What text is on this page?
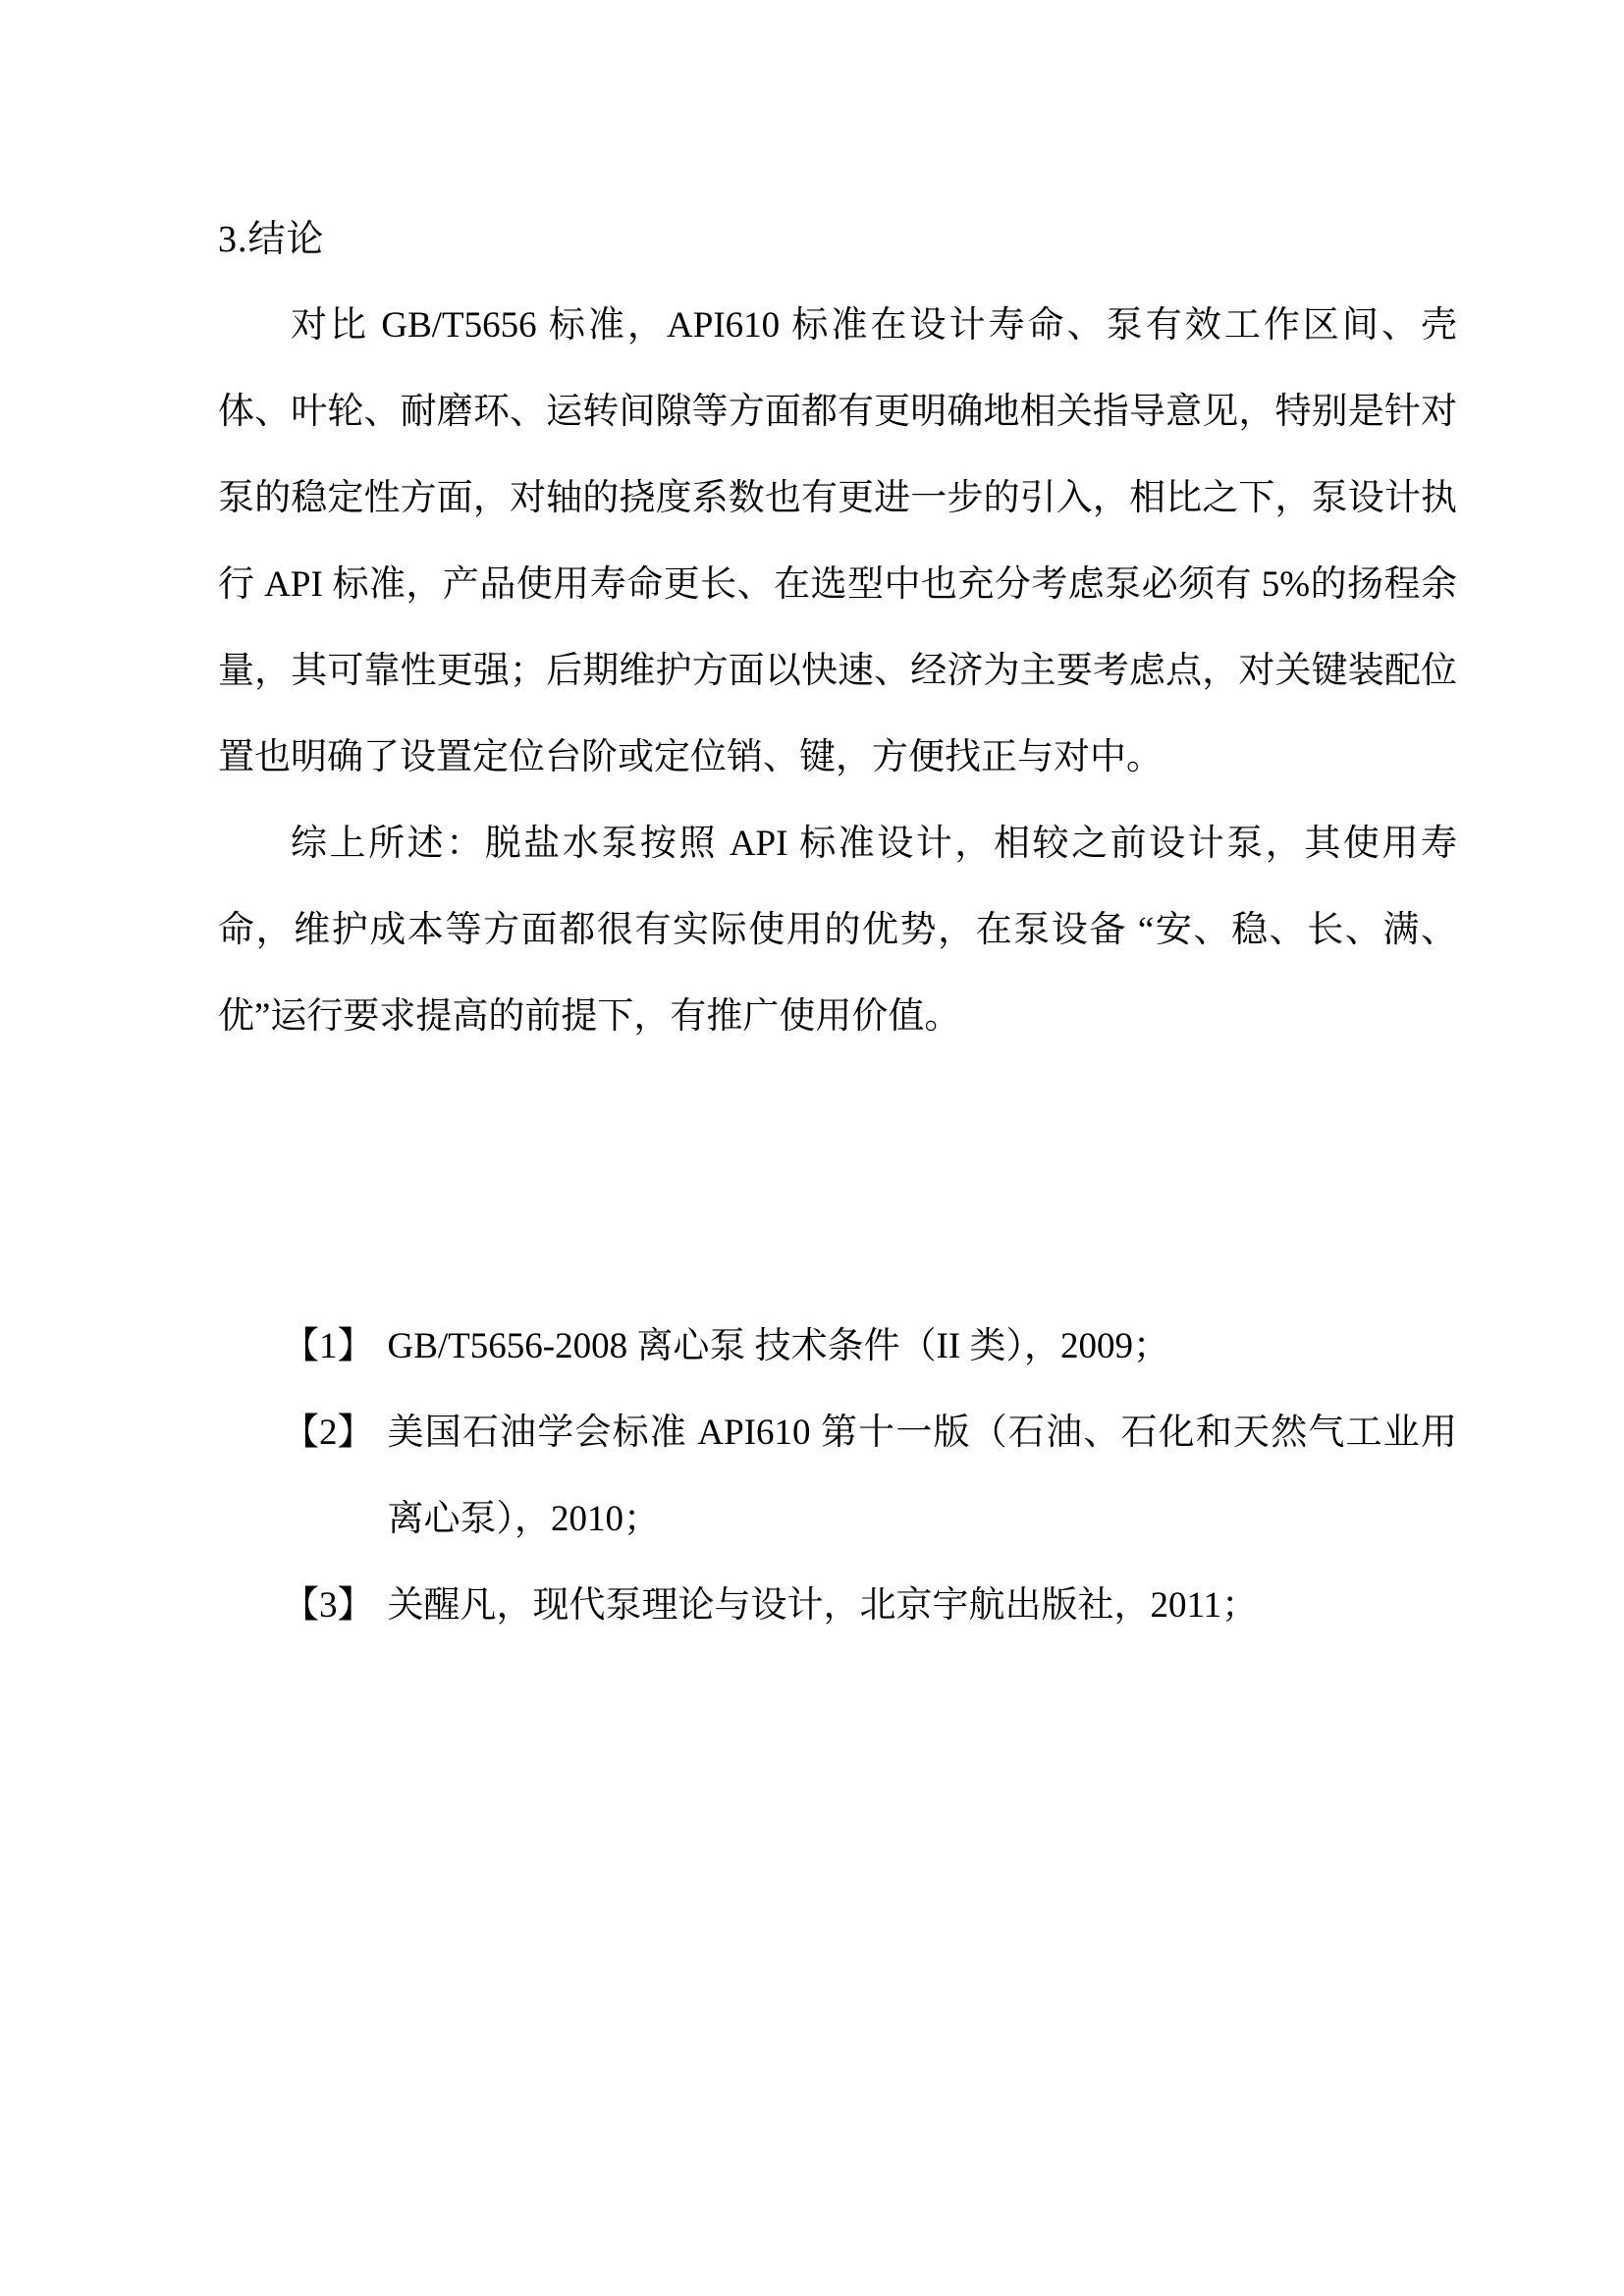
3.结论

对比 GB/T5656 标准，API610 标准在设计寿命、泵有效工作区间、壳体、叶轮、耐磨环、运转间隙等方面都有更明确地相关指导意见，特别是针对泵的稳定性方面，对轴的挠度系数也有更进一步的引入，相比之下，泵设计执行 API 标准，产品使用寿命更长、在选型中也充分考虑泵必须有 5%的扬程余量，其可靠性更强；后期维护方面以快速、经济为主要考虑点，对关键装配位置也明确了设置定位台阶或定位销、键，方便找正与对中。

综上所述：脱盐水泵按照 API 标准设计，相较之前设计泵，其使用寿命，维护成本等方面都很有实际使用的优势，在泵设备 “安、稳、长、满、优”运行要求提高的前提下，有推广使用价值。

【1】 GB/T5656-2008 离心泵 技术条件（II 类），2009；
【2】 美国石油学会标准 API610 第十一版（石油、石化和天然气工业用离心泵），2010；
【3】 关醒凡，现代泵理论与设计，北京宇航出版社，2011；
